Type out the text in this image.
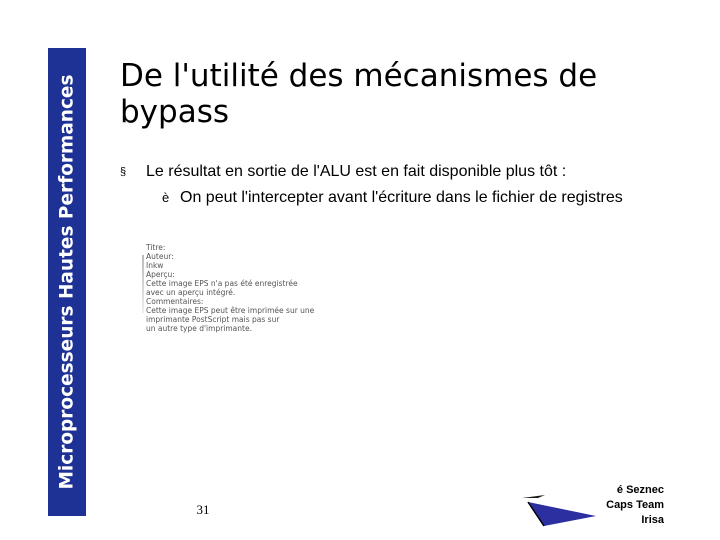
Microprocesseurs Hautes Performances De l'utilité des mécanismes de bypass
§ Le résultat en sortie de l'ALU est en fait disponible plus tôt :
è On peut l'intercepter avant l'écriture dans le fichier de registres
Titre:
Auteur:
Inkw
Aperçu:
Cette image EPS n'a pas été enregistrée
avec un aperçu intégré.
Commentaires:
Cette image EPS peut être imprimée sur une
imprimante PostScript mais pas sur
un autre type d'imprimante.
31
é Seznec
Caps Team
Irisa
